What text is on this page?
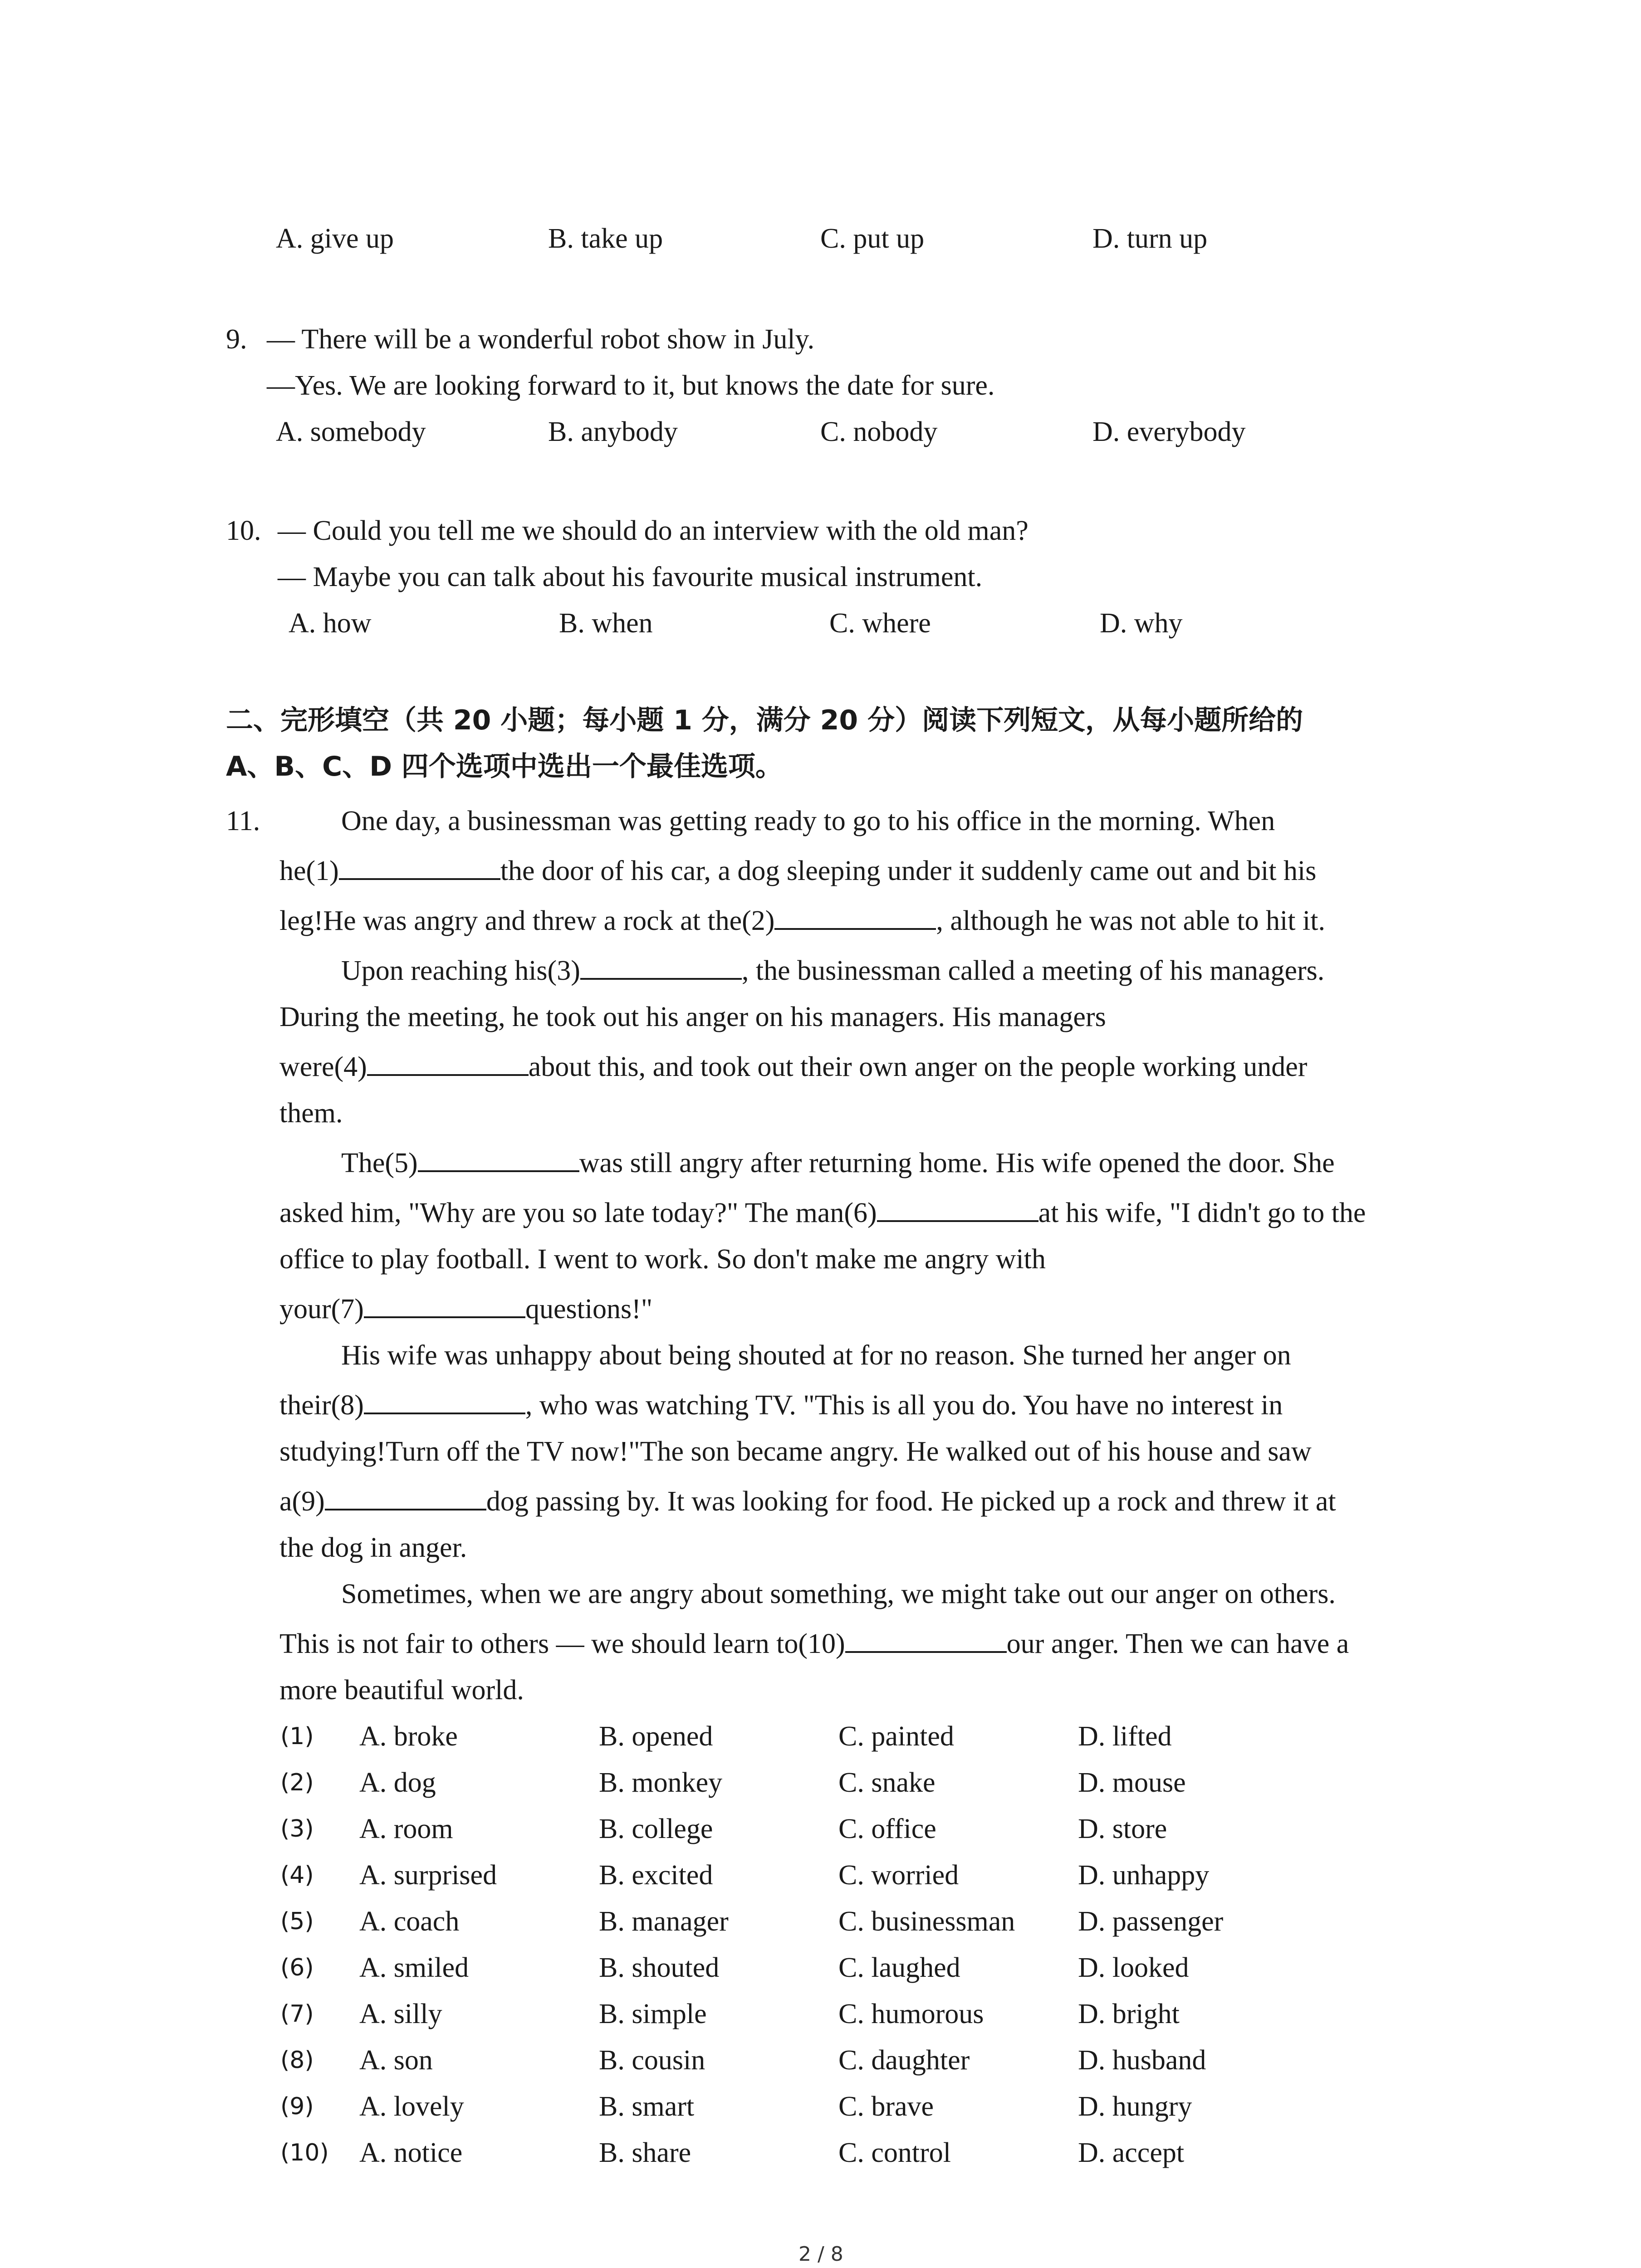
A. give up	B. take up	C. put up	D. turn up
9. — There will be a wonderful robot show in July.
—Yes. We are looking forward to it, but knows the date for sure.
A. somebody	B. anybody	C. nobody	D. everybody
10. — Could you tell me we should do an interview with the old man?
— Maybe you can talk about his favourite musical instrument.
A. how	B. when	C. where	D. why
二、完形填空（共 20 小题；每小题 1 分，满分 20 分）阅读下列短文，从每小题所给的
A、B、C、D 四个选项中选出一个最佳选项。
11.	One day, a businessman was getting ready to go to his office in the morning. When
he(1)	the door of his car, a dog sleeping under it suddenly came out and bit his
leg!He was angry and threw a rock at the(2)	, although he was not able to hit it.
Upon reaching his(3)	, the businessman called a meeting of his managers.
During the meeting, he took out his anger on his managers. His managers
were(4)	about this, and took out their own anger on the people working under
them.
The(5)	was still angry after returning home. His wife opened the door. She
asked him, "Why are you so late today?" The man(6)	at his wife, "I didn't go to the
office to play football. I went to work. So don't make me angry with
your(7)	questions!"
His wife was unhappy about being shouted at for no reason. She turned her anger on
their(8)	, who was watching TV. "This is all you do. You have no interest in
studying!Turn off the TV now!"The son became angry. He walked out of his house and saw
a(9)	dog passing by. It was looking for food. He picked up a rock and threw it at
the dog in anger.
Sometimes, when we are angry about something, we might take out our anger on others.
This is not fair to others — we should learn to(10)	our anger. Then we can have a
more beautiful world.
(1) A. broke	B. opened	C. painted	D. lifted
(2) A. dog	B. monkey	C. snake	D. mouse
(3) A. room	B. college	C. office	D. store
(4) A. surprised	B. excited	C. worried	D. unhappy
(5) A. coach	B. manager	C. businessman D. passenger
(6) A. smiled	B. shouted	C. laughed	D. looked
(7) A. silly	B. simple	C. humorous	D. bright
(8) A. son	B. cousin	C. daughter	D. husband
(9) A. lovely	B. smart	C. brave	D. hungry
(10) A. notice	B. share	C. control	D. accept
2 / 8
